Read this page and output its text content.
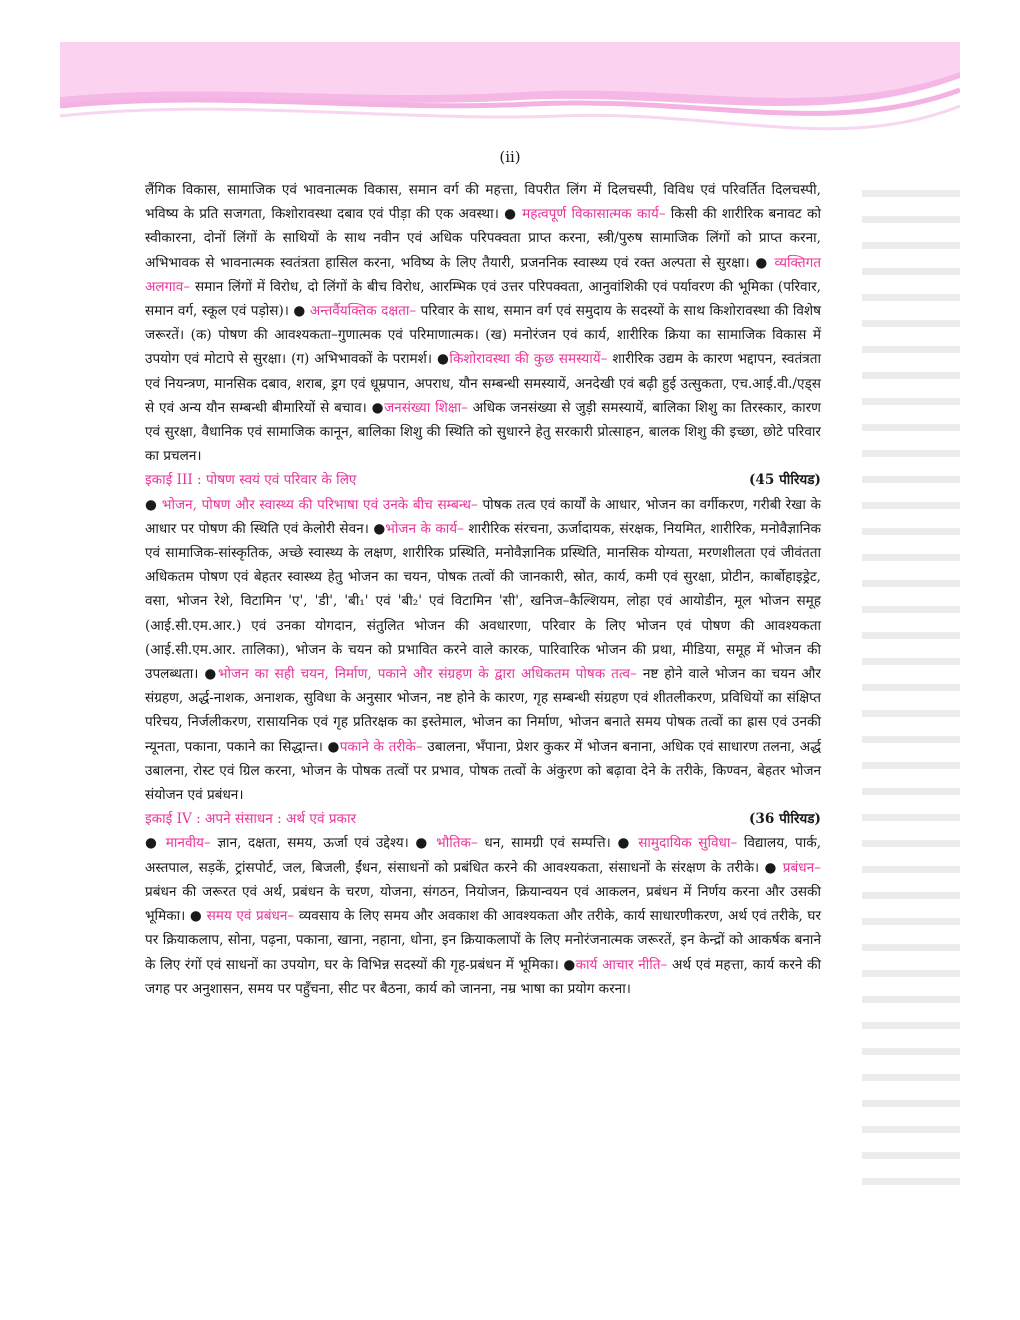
(ii)

लैंगिक विकास, सामाजिक एवं भावनात्मक विकास, समान वर्ग की महत्ता, विपरीत लिंग में दिलचस्पी, विविध एवं परिवर्तित दिलचस्पी, भविष्य के प्रति सजगता, किशोरावस्था दबाव एवं पीड़ा की एक अवस्था। ● महत्वपूर्ण विकासात्मक कार्य– किसी की शारीरिक बनावट को स्वीकारना, दोनों लिंगों के साथियों के साथ नवीन एवं अधिक परिपक्वता प्राप्त करना, स्त्री/पुरुष सामाजिक लिंगों को प्राप्त करना, अभिभावक से भावनात्मक स्वतंत्रता हासिल करना, भविष्य के लिए तैयारी, प्रजननिक स्वास्थ्य एवं रक्त अल्पता से सुरक्षा। ● व्यक्तिगत अलगाव– समान लिंगों में विरोध, दो लिंगों के बीच विरोध, आरम्भिक एवं उत्तर परिपक्वता, आनुवांशिकी एवं पर्यावरण की भूमिका (परिवार, समान वर्ग, स्कूल एवं पड़ोस)। ● अन्तर्वैयक्तिक दक्षता– परिवार के साथ, समान वर्ग एवं समुदाय के सदस्यों के साथ किशोरावस्था की विशेष जरूरतें। (क) पोषण की आवश्यकता–गुणात्मक एवं परिमाणात्मक। (ख) मनोरंजन एवं कार्य, शारीरिक क्रिया का सामाजिक विकास में उपयोग एवं मोटापे से सुरक्षा। (ग) अभिभावकों के परामर्श। ●किशोरावस्था की कुछ समस्यायें– शारीरिक उद्यम के कारण भद्दापन, स्वतंत्रता एवं नियन्त्रण, मानसिक दबाव, शराब, ड्रग एवं धूम्रपान, अपराध, यौन सम्बन्धी समस्यायें, अनदेखी एवं बढ़ी हुई उत्सुकता, एच.आई.वी./एड्स से एवं अन्य यौन सम्बन्धी बीमारियों से बचाव। ●जनसंख्या शिक्षा– अधिक जनसंख्या से जुड़ी समस्यायें, बालिका शिशु का तिरस्कार, कारण एवं सुरक्षा, वैधानिक एवं सामाजिक कानून, बालिका शिशु की स्थिति को सुधारने हेतु सरकारी प्रोत्साहन, बालक शिशु की इच्छा, छोटे परिवार का प्रचलन।

इकाई III : पोषण स्वयं एवं परिवार के लिए	(45 पीरियड)

● भोजन, पोषण और स्वास्थ्य की परिभाषा एवं उनके बीच सम्बन्ध– पोषक तत्व एवं कार्यों के आधार, भोजन का वर्गीकरण, गरीबी रेखा के आधार पर पोषण की स्थिति एवं केलोरी सेवन। ●भोजन के कार्य– शारीरिक संरचना, ऊर्जादायक, संरक्षक, नियमित, शारीरिक, मनोवैज्ञानिक एवं सामाजिक-सांस्कृतिक, अच्छे स्वास्थ्य के लक्षण, शारीरिक प्रस्थिति, मनोवैज्ञानिक प्रस्थिति, मानसिक योग्यता, मरणशीलता एवं जीवंतता अधिकतम पोषण एवं बेहतर स्वास्थ्य हेतु भोजन का चयन, पोषक तत्वों की जानकारी, स्रोत, कार्य, कमी एवं सुरक्षा, प्रोटीन, कार्बोहाइड्रेट, वसा, भोजन रेशे, विटामिन 'ए', 'डी', 'बी₁' एवं 'बी₂' एवं विटामिन 'सी', खनिज–कैल्शियम, लोहा एवं आयोडीन, मूल भोजन समूह (आई.सी.एम.आर.) एवं उनका योगदान, संतुलित भोजन की अवधारणा, परिवार के लिए भोजन एवं पोषण की आवश्यकता (आई.सी.एम.आर. तालिका), भोजन के चयन को प्रभावित करने वाले कारक, पारिवारिक भोजन की प्रथा, मीडिया, समूह में भोजन की उपलब्धता। ●भोजन का सही चयन, निर्माण, पकाने और संग्रहण के द्वारा अधिकतम पोषक तत्व– नष्ट होने वाले भोजन का चयन और संग्रहण, अर्द्ध-नाशक, अनाशक, सुविधा के अनुसार भोजन, नष्ट होने के कारण, गृह सम्बन्धी संग्रहण एवं शीतलीकरण, प्रविधियों का संक्षिप्त परिचय, निर्जलीकरण, रासायनिक एवं गृह प्रतिरक्षक का इस्तेमाल, भोजन का निर्माण, भोजन बनाते समय पोषक तत्वों का ह्रास एवं उनकी न्यूनता, पकाना, पकाने का सिद्धान्त। ●पकाने के तरीके– उबालना, भँपाना, प्रेशर कुकर में भोजन बनाना, अधिक एवं साधारण तलना, अर्द्ध उबालना, रोस्ट एवं ग्रिल करना, भोजन के पोषक तत्वों पर प्रभाव, पोषक तत्वों के अंकुरण को बढ़ावा देने के तरीके, किण्वन, बेहतर भोजन संयोजन एवं प्रबंधन।

इकाई IV : अपने संसाधन : अर्थ एवं प्रकार	(36 पीरियड)

● मानवीय– ज्ञान, दक्षता, समय, ऊर्जा एवं उद्देश्य। ● भौतिक– धन, सामग्री एवं सम्पत्ति। ● सामुदायिक सुविधा– विद्यालय, पार्क, अस्तपाल, सड़कें, ट्रांसपोर्ट, जल, बिजली, ईंधन, संसाधनों को प्रबंधित करने की आवश्यकता, संसाधनों के संरक्षण के तरीके। ● प्रबंधन– प्रबंधन की जरूरत एवं अर्थ, प्रबंधन के चरण, योजना, संगठन, नियोजन, क्रियान्वयन एवं आकलन, प्रबंधन में निर्णय करना और उसकी भूमिका। ● समय एवं प्रबंधन– व्यवसाय के लिए समय और अवकाश की आवश्यकता और तरीके, कार्य साधारणीकरण, अर्थ एवं तरीके, घर पर क्रियाकलाप, सोना, पढ़ना, पकाना, खाना, नहाना, धोना, इन क्रियाकलापों के लिए मनोरंजनात्मक जरूरतें, इन केन्द्रों को आकर्षक बनाने के लिए रंगों एवं साधनों का उपयोग, घर के विभिन्न सदस्यों की गृह-प्रबंधन में भूमिका। ●कार्य आचार नीति– अर्थ एवं महत्ता, कार्य करने की जगह पर अनुशासन, समय पर पहुँचना, सीट पर बैठना, कार्य को जानना, नम्र भाषा का प्रयोग करना।
